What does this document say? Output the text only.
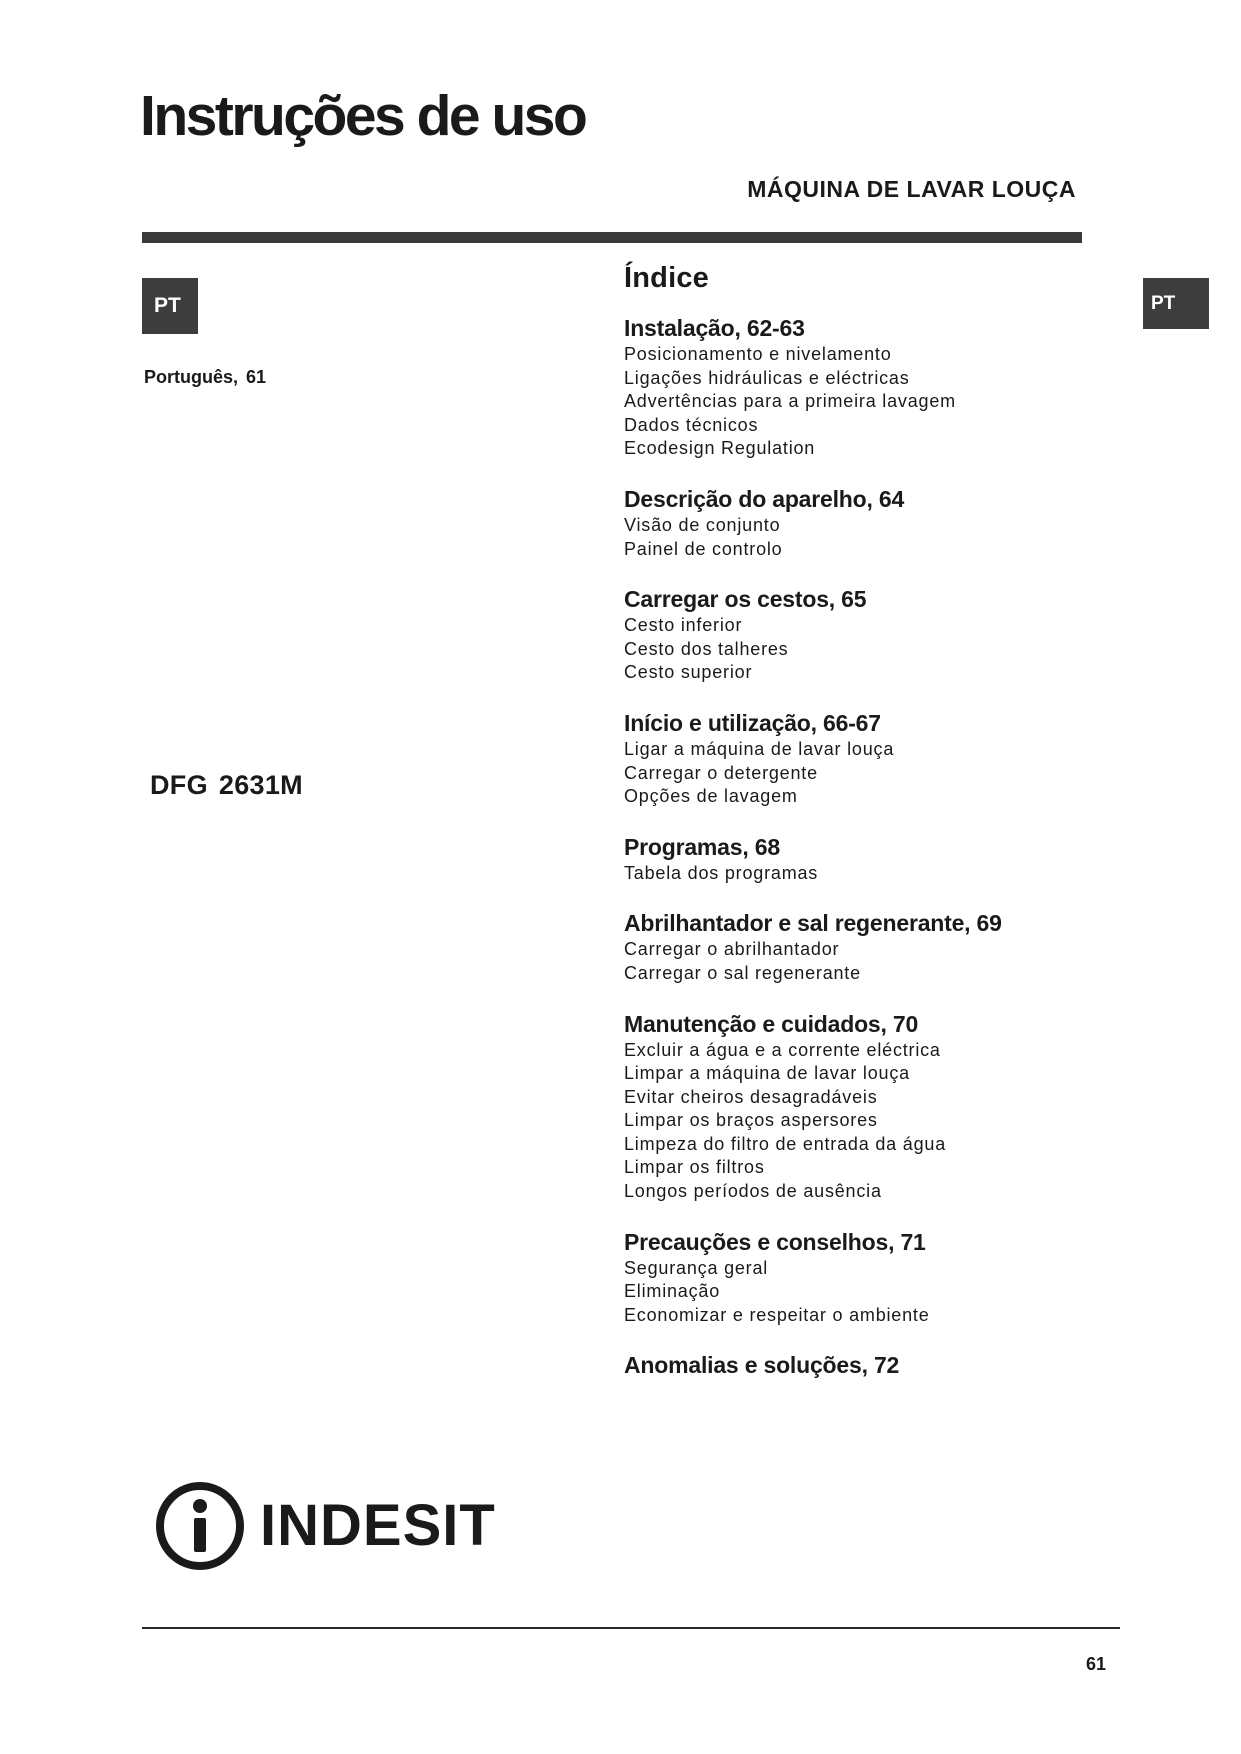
Instruções de uso
MÁQUINA DE LAVAR LOUÇA
PT	PT
Português, 61
DFG 2631M
Índice
Instalação, 62-63
Posicionamento e nivelamento
Ligações hidráulicas e eléctricas
Advertências para a primeira lavagem
Dados técnicos
Ecodesign Regulation
Descrição do aparelho, 64
Visão de conjunto
Painel de controlo
Carregar os cestos, 65
Cesto inferior
Cesto dos talheres
Cesto superior
Início e utilização, 66-67
Ligar a máquina de lavar louça
Carregar o detergente
Opções de lavagem
Programas, 68
Tabela dos programas
Abrilhantador e sal regenerante, 69
Carregar o abrilhantador
Carregar o sal regenerante
Manutenção e cuidados, 70
Excluir a água e a corrente eléctrica
Limpar a máquina de lavar louça
Evitar cheiros desagradáveis
Limpar os braços aspersores
Limpeza do filtro de entrada da água
Limpar os filtros
Longos períodos de ausência
Precauções e conselhos, 71
Segurança geral
Eliminação
Economizar e respeitar o ambiente
Anomalias e soluções, 72
INDESIT
61
